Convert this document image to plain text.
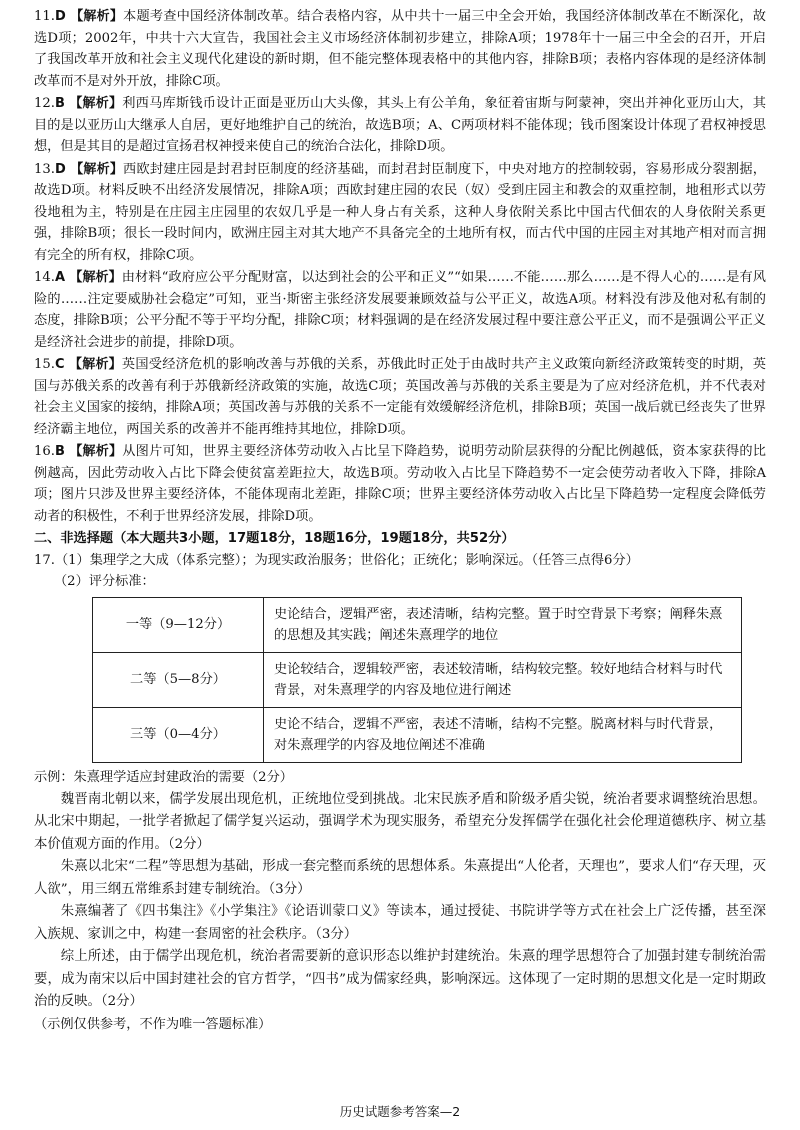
11.D 【解析】本题考查中国经济体制改革。结合表格内容，从中共十一届三中全会开始，我国经济体制改革在不断深化，故选D项；2002年，中共十六大宣告，我国社会主义市场经济体制初步建立，排除A项；1978年十一届三中全会的召开，开启了我国改革开放和社会主义现代化建设的新时期，但不能完整体现表格中的其他内容，排除B项；表格内容体现的是经济体制改革而不是对外开放，排除C项。

12.B 【解析】利西马库斯钱币设计正面是亚历山大头像，其头上有公羊角，象征着宙斯与阿蒙神，突出并神化亚历山大，其目的是以亚历山大继承人自居，更好地维护自己的统治，故选B项；A、C两项材料不能体现；钱币图案设计体现了君权神授思想，但是其目的是超过宣扬君权神授来使自己的统治合法化，排除D项。

13.D 【解析】西欧封建庄园是封君封臣制度的经济基础，而封君封臣制度下，中央对地方的控制较弱，容易形成分裂割据，故选D项。材料反映不出经济发展情况，排除A项；西欧封建庄园的农民（奴）受到庄园主和教会的双重控制，地租形式以劳役地租为主，特别是在庄园主庄园里的农奴几乎是一种人身占有关系，这种人身依附关系比中国古代佃农的人身依附关系更强，排除B项；很长一段时间内，欧洲庄园主对其大地产不具备完全的土地所有权，而古代中国的庄园主对其地产相对而言拥有完全的所有权，排除C项。

14.A 【解析】由材料“政府应公平分配财富，以达到社会的公平和正义”“如果……不能……那么……是不得人心的……是有风险的……注定要威胁社会稳定”可知，亚当·斯密主张经济发展要兼顾效益与公平正义，故选A项。材料没有涉及他对私有制的态度，排除B项；公平分配不等于平均分配，排除C项；材料强调的是在经济发展过程中要注意公平正义，而不是强调公平正义是经济社会进步的前提，排除D项。

15.C 【解析】英国受经济危机的影响改善与苏俄的关系，苏俄此时正处于由战时共产主义政策向新经济政策转变的时期，英国与苏俄关系的改善有利于苏俄新经济政策的实施，故选C项；英国改善与苏俄的关系主要是为了应对经济危机，并不代表对社会主义国家的接纳，排除A项；英国改善与苏俄的关系不一定能有效缓解经济危机，排除B项；英国一战后就已经丧失了世界经济霸主地位，两国关系的改善并不能再维持其地位，排除D项。

16.B 【解析】从图片可知，世界主要经济体劳动收入占比呈下降趋势，说明劳动阶层获得的分配比例越低，资本家获得的比例越高，因此劳动收入占比下降会使贫富差距拉大，故选B项。劳动收入占比呈下降趋势不一定会使劳动者收入下降，排除A项；图片只涉及世界主要经济体，不能体现南北差距，排除C项；世界主要经济体劳动收入占比呈下降趋势一定程度会降低劳动者的积极性，不利于世界经济发展，排除D项。

二、非选择题（本大题共3小题，17题18分，18题16分，19题18分，共52分）

17.（1）集理学之大成（体系完整）；为现实政治服务；世俗化；正统化；影响深远。（任答三点得6分）

（2）评分标准：

一等（9—12分）	史论结合，逻辑严密，表述清晰，结构完整。置于时空背景下考察；阐释朱熹的思想及其实践；阐述朱熹理学的地位
二等（5—8分）	史论较结合，逻辑较严密，表述较清晰，结构较完整。较好地结合材料与时代背景，对朱熹理学的内容及地位进行阐述
三等（0—4分）	史论不结合，逻辑不严密，表述不清晰，结构不完整。脱离材料与时代背景，对朱熹理学的内容及地位阐述不准确

示例：朱熹理学适应封建政治的需要（2分）

魏晋南北朝以来，儒学发展出现危机，正统地位受到挑战。北宋民族矛盾和阶级矛盾尖锐，统治者要求调整统治思想。从北宋中期起，一批学者掀起了儒学复兴运动，强调学术为现实服务，希望充分发挥儒学在强化社会伦理道德秩序、树立基本价值观方面的作用。（2分）

朱熹以北宋“二程”等思想为基础，形成一套完整而系统的思想体系。朱熹提出“人伦者，天理也”，要求人们“存天理，灭人欲”，用三纲五常维系封建专制统治。（3分）

朱熹编著了《四书集注》《小学集注》《论语训蒙口义》等读本，通过授徒、书院讲学等方式在社会上广泛传播，甚至深入族规、家训之中，构建一套周密的社会秩序。（3分）

综上所述，由于儒学出现危机，统治者需要新的意识形态以维护封建统治。朱熹的理学思想符合了加强封建专制统治需要，成为南宋以后中国封建社会的官方哲学，“四书”成为儒家经典，影响深远。这体现了一定时期的思想文化是一定时期政治的反映。（2分）

（示例仅供参考，不作为唯一答题标准）

历史试题参考答案—2
